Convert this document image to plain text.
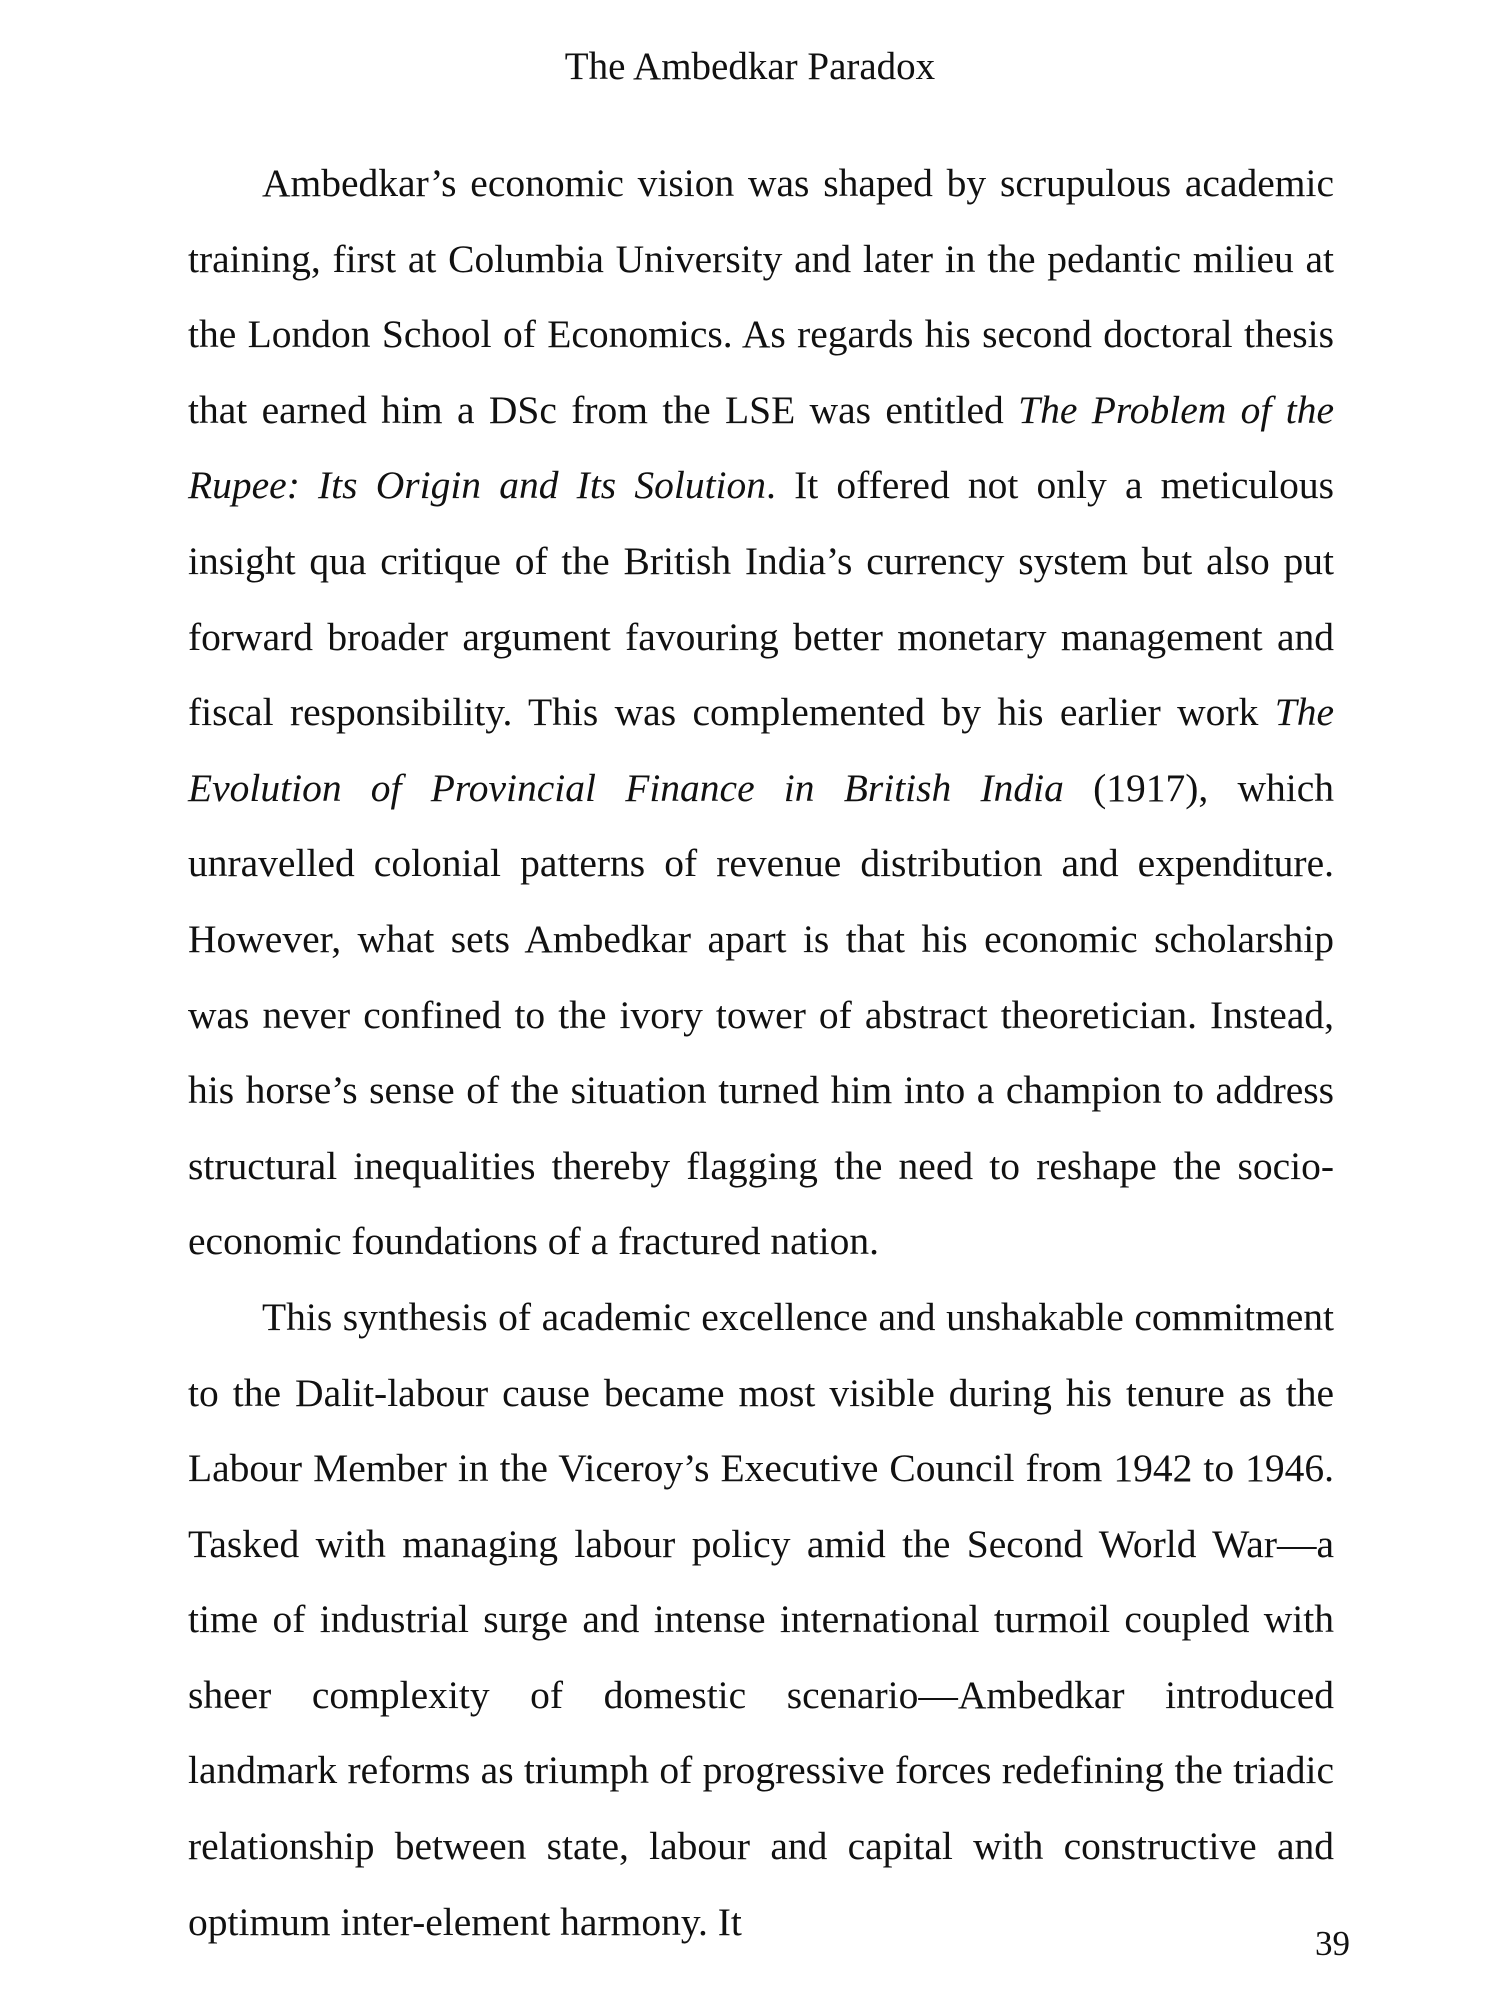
The Ambedkar Paradox

Ambedkar’s economic vision was shaped by scrupulous academic training, first at Columbia University and later in the pedantic milieu at the London School of Economics. As regards his second doctoral thesis that earned him a DSc from the LSE was entitled The Problem of the Rupee: Its Origin and Its Solution. It offered not only a meticulous insight qua critique of the British India’s currency system but also put forward broader argument favouring better monetary management and fiscal responsibility. This was complemented by his earlier work The Evolution of Provincial Finance in British India (1917), which unravelled colonial patterns of revenue distribution and expenditure. However, what sets Ambedkar apart is that his economic scholarship was never confined to the ivory tower of abstract theoretician. Instead, his horse’s sense of the situation turned him into a champion to address structural inequalities thereby flagging the need to reshape the socio-economic foundations of a fractured nation.

This synthesis of academic excellence and unshakable commitment to the Dalit-labour cause became most visible during his tenure as the Labour Member in the Viceroy’s Executive Council from 1942 to 1946. Tasked with managing labour policy amid the Second World War—a time of industrial surge and intense international turmoil coupled with sheer complexity of domestic scenario—Ambedkar introduced landmark reforms as triumph of progressive forces redefining the triadic relationship between state, labour and capital with constructive and optimum inter-element harmony. It	39
